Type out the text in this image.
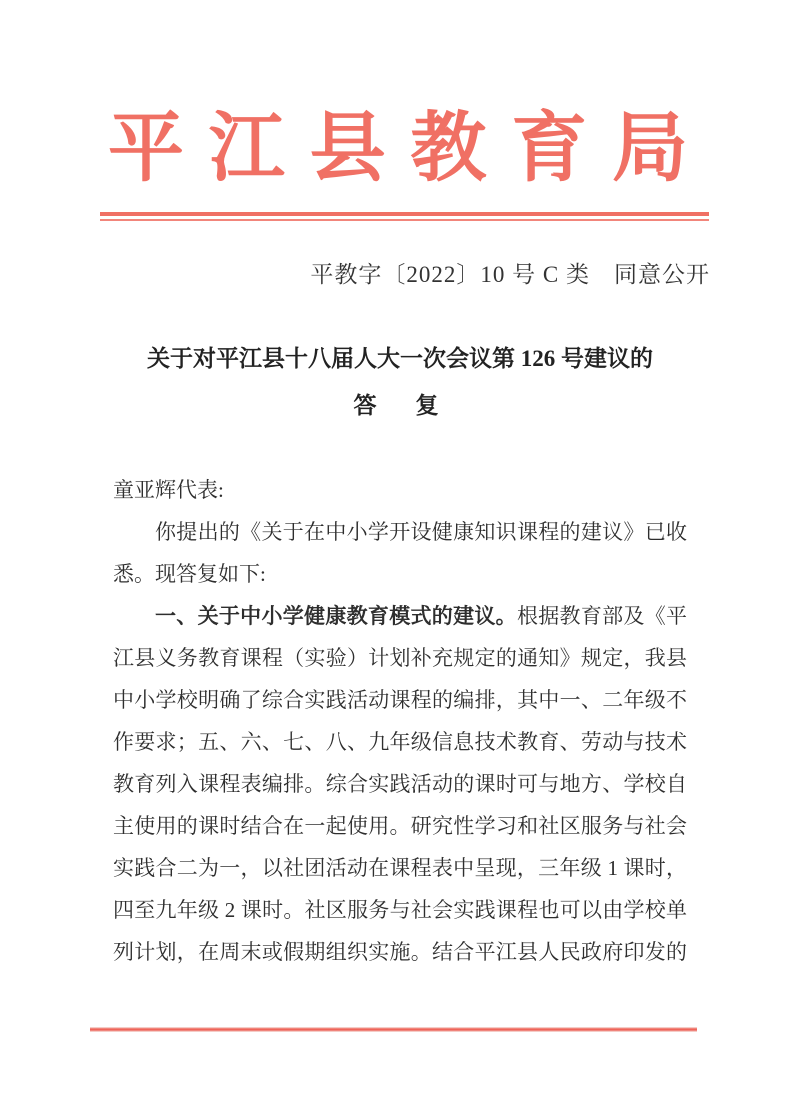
平江县教育局
平教字〔2022〕10 号 C 类　同意公开
关于对平江县十八届人大一次会议第 126 号建议的
答　复
童亚辉代表:
你提出的《关于在中小学开设健康知识课程的建议》已收
悉。现答复如下:
一、关于中小学健康教育模式的建议。根据教育部及《平
江县义务教育课程（实验）计划补充规定的通知》规定，我县
中小学校明确了综合实践活动课程的编排，其中一、二年级不
作要求；五、六、七、八、九年级信息技术教育、劳动与技术
教育列入课程表编排。综合实践活动的课时可与地方、学校自
主使用的课时结合在一起使用。研究性学习和社区服务与社会
实践合二为一，以社团活动在课程表中呈现，三年级 1 课时，
四至九年级 2 课时。社区服务与社会实践课程也可以由学校单
列计划，在周末或假期组织实施。结合平江县人民政府印发的
